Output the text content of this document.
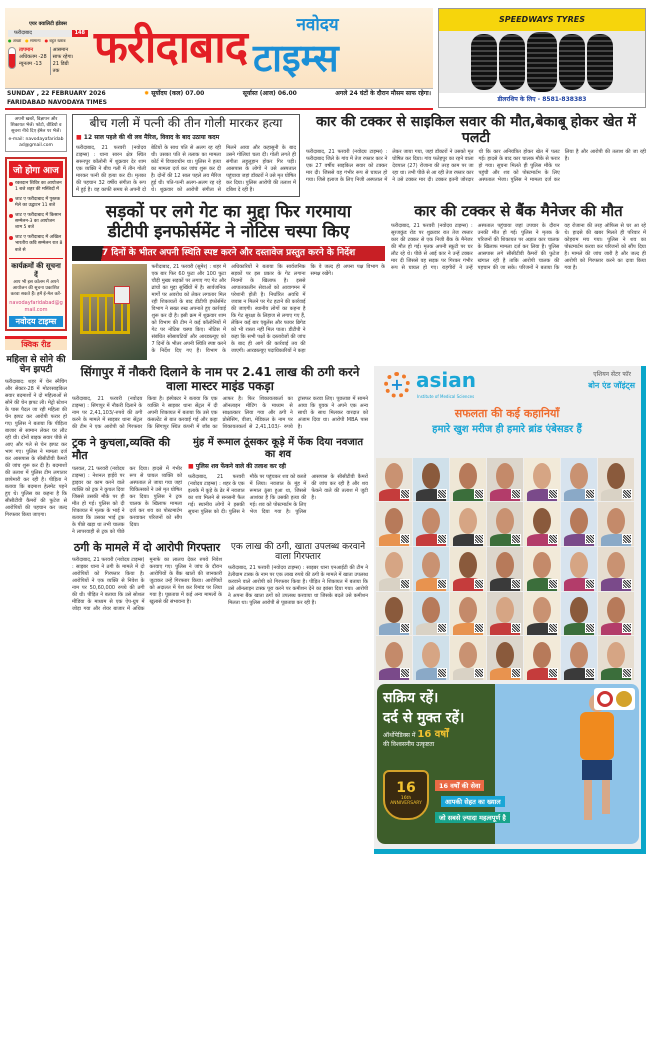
एयर क्वालिटी इंडेक्स
फरीदाबाद	148
● अच्छा ● सामान्य ● बहुत खराब
तापमान
अधिकतम -28
न्यूनतम -13
आसमान साफ रहेगा। 21 डिग्री तक फरीदाबाद	नवोदय
टाइम्स
SUNDAY , 22 FEBRUARY 2026	✹ सूर्योदय (कल) 07.00	सूर्यास्त (आज) 06.00	अगले 24 घंटों के दौरान मौसम साफ रहेगा।
FARIDABAD NAVODAYA TIMES
SPEEDWAYS TYRES
डीलरशिप के लिए - 8581-838383
अपनी खबरें, विज्ञापन और शिकायत भेजें। फोटो, वीडियो व सूचना नीचे दिए ईमेल पर भेजें।
e-mail: navodayafaridabad@gmail.com
जो होगा आज
रक्तदान शिविर का आयोजन 1 बजे शहर की मस्जिदों में
जाट ए फरीदाबाद में पुस्तक मेले का उद्घाटन 11 बजे
जाट ए फरीदाबाद में किसान सम्मेलन-3 का आयोजन शाम 5 बजे
जाट ए फरीदाबाद में अखिल भारतीय कवि सम्मेलन रात 8 बजे से
कार्यक्रमों की सूचना दें
आप भी इस कॉलम में अपने आयोजन की सूचना प्रकाशित करवा सकते हैं। हमें ई-मेल करें-
navodayfaridabad@gmail.com
नवोदय टाइम्स
क्विक रीड
महिला से सोने की चेन झपटी
फरीदाबाद: शहर में चेन स्नैचिंग और सेक्टर-28 में मोटरसाइकिल सवार बदमाशों ने दो महिलाओं से सोने की चेन झपट ली। मेट्रो स्टेशन के पास पैदल जा रही महिला की चेन झपट कर आरोपी फरार हो गए। पुलिस ने बताया कि पीड़िता बाजार से सामान लेकर घर लौट रही थी। दोनों बाइक सवार पीछे से आए और गले से चेन झपट कर भाग गए। पुलिस ने मामला दर्ज कर आसपास के सीसीटीवी कैमरों की जांच शुरू कर दी है। बदमाशों की तलाश में पुलिस टीम लगातार छापेमारी कर रही है। पीड़िता ने बताया कि बदमाश हेलमेट पहने हुए थे। पुलिस का कहना है कि सीसीटीवी कैमरों की फुटेज से आरोपियों की पहचान कर जल्द गिरफ्तार किया जाएगा।
बीच गली में पत्नी की तीन गोली मारकर हत्या
■ 12 साल पहले की थी लव मैरिज, विवाद के बाद उठाया कदम
फरीदाबाद, 21 फरवरी (नवोदय टाइम्स) : थाना सारन क्षेत्र स्थित सरूरपुर कॉलोनी में शुक्रवार देर शाम एक व्यक्ति ने बीच गली में तीन गोली मारकर पत्नी की हत्या कर दी। मृतका की पहचान 32 वर्षीय संगीता के रूप में हुई है। वह काफी समय से अपनी दो बेटियों के साथ पति से अलग रह रही थी। उसका पति से तलाक का मामला कोर्ट में विचाराधीन था। पुलिस ने हत्या का मामला दर्ज कर जांच शुरू कर दी है। दोनों की 12 साल पहले लव मैरिज हुई थी। पति-पत्नी अलग-अलग रह रहे थे। शुक्रवार को आरोपी संगीता से मिलने आया और कहासुनी के बाद उसने गोलियां चला दीं। गोली लगते ही संगीता लहूलुहान होकर गिर पड़ी। आसपास के लोगों ने उसे अस्पताल पहुंचाया जहां डॉक्टरों ने उसे मृत घोषित कर दिया। पुलिस आरोपी की तलाश में दबिश दे रही है।
कार की टक्कर से साइकिल सवार की मौत,बेकाबू होकर खेत में पलटी
फरीदाबाद, 21 फरवरी (नवोदय टाइम्स) : फरीदाबाद जिले के गांव में तेज रफ्तार कार ने एक 27 वर्षीय साइकिल सवार को टक्कर मार दी। जिससे वह गंभीर रूप से घायल हो गया। जिसे इलाज के लिए निजी अस्पताल में लेकर जाया गया, जहां डॉक्टरों ने उसको मृत घोषित कर दिया। गांव फतेहपुर का रहने वाला देवपाल (27) रोजाना की तरह काम पर जा रहा था। तभी पीछे से आ रही तेज रफ्तार कार ने उसे टक्कर मार दी। टक्कर इतनी जोरदार थी कि कार अनियंत्रित होकर खेत में पलट गई। हादसे के बाद कार चालक मौके से फरार हो गया। सूचना मिलते ही पुलिस मौके पर पहुंची और शव को पोस्टमार्टम के लिए अस्पताल भेजा। पुलिस ने मामला दर्ज कर लिया है और आरोपी की तलाश की जा रही है।
सड़कों पर लगे गेट का मुद्दा फिर गरमाया
डीटीपी इनफोर्समेंट ने नोटिस चस्पा किए
7 दिनों के भीतर अपनी स्थिति स्पष्ट करने और दस्तावेज प्रस्तुत करने के निर्देश
फरीदाबाद, 21 फरवरी (सुमेर) : शहर में एक बार फिर 60 फुटा और 100 फुटा चौड़ी मुख्य सड़कों पर लगाए गए गेट और ढांचों का मुद्दा सुर्खियों में है। सार्वजनिक मार्गों पर अवरोध को लेकर लगातार मिल रही शिकायतों के बाद डीटीपी इंफोर्समेंट विभाग ने सख्त रुख अपनाते हुए कार्रवाई शुरू कर दी है। इसी क्रम में शुक्रवार शाम को विभाग की टीम ने कई कॉलोनियों में गेट पर नोटिस चस्पा किए। नोटिस में संबंधित सोसायटियों और आरडब्ल्यूए को 7 दिनों के भीतर अपनी स्थिति स्पष्ट करने के निर्देश दिए गए हैं। विभाग के अधिकारियों ने बताया कि सार्वजनिक सड़कों पर इस प्रकार के गेट लगाना नियमों के खिलाफ है। इससे आपातकालीन सेवाओं को आवागमन में परेशानी होती है। निर्धारित अवधि में जवाब न मिलने पर गेट हटाने की कार्रवाई की जाएगी। स्थानीय लोगों का कहना है कि गेट सुरक्षा के लिहाज से लगाए गए हैं, लेकिन कई बार एंबुलेंस और फायर ब्रिगेड को भी रास्ता नहीं मिल पाता। डीटीपी ने कहा कि सभी पक्षों के दस्तावेजों की जांच के बाद ही आगे की कार्रवाई तय की जाएगी। आरडब्ल्यूए पदाधिकारियों ने कहा कि वे जल्द ही अपना पक्ष विभाग के समक्ष रखेंगे।
कार की टक्कर से बैंक मैनेजर की मौत
फरीदाबाद, 21 फरवरी (नवोदय टाइम्स) : सूरजकुंड रोड पर शुक्रवार रात तेज रफ्तार कार की टक्कर से एक निजी बैंक के मैनेजर की मौत हो गई। मृतक अपनी स्कूटी पर घर लौट रहे थे। पीछे से आई कार ने उन्हें टक्कर मार दी जिससे वह सड़क पर गिरकर गंभीर रूप से घायल हो गए। राहगीरों ने उन्हें अस्पताल पहुंचाया जहां उपचार के दौरान उनकी मौत हो गई। पुलिस ने मृतक के परिजनों की शिकायत पर अज्ञात कार चालक के खिलाफ मामला दर्ज कर लिया है। पुलिस आसपास लगे सीसीटीवी कैमरों की फुटेज खंगाल रही है ताकि आरोपी चालक की पहचान की जा सके। परिजनों ने बताया कि वह रोजाना की तरह ऑफिस से घर आ रहे थे। हादसे की खबर मिलते ही परिवार में कोहराम मच गया। पुलिस ने शव का पोस्टमार्टम करवा कर परिजनों को सौंप दिया है। मामले की जांच जारी है और जल्द ही आरोपी को गिरफ्तार करने का दावा किया गया है।
सिंगापुर में नौकरी दिलाने के नाम पर 2.41 लाख की ठगी करने वाला मास्टर माइंड पकड़ा
फरीदाबाद, 21 फरवरी (नवोदय टाइम्स) : सिंगापुर में नौकरी दिलाने के नाम पर 2,41,103/-रुपये की ठगी करने के मामले में साइबर थाना सेंट्रल की टीम ने एक आरोपी को गिरफ्तार किया है। इंस्पेक्टर ने बताया कि एक व्यक्ति ने साइबर थाना सेंट्रल में दी अपनी शिकायत में बताया कि उसे एक कंसल्टेंट से बात करवाई गई और कहा कि सिंगापुर स्थित कंपनी में जॉब का आफर है। फिर शिकायतकर्ता का ऑनलाइन मीटिंग के माध्यम से साक्षात्कार लिया गया और ठगी ने प्रोसेसिंग, वीजा, मेडिकल के नाम पर शिकायतकर्ता से 2,41,103/- रुपये ट्रांसफर करवा लिए। पूछताछ में सामने आया कि युवक ने अपने एक अन्य साथी के साथ मिलकर वारदात को अंजाम दिया था। आरोपी MBA पास है।
ट्रक ने कुचला,व्यक्ति की मौत
पलवल, 21 फरवरी (नवोदय टाइम्स) : नेशनल हाईवे पर ड्राइवर का काम करने वाले व्यक्ति को ट्रक ने कुचल दिया जिससे उसकी मौके पर ही मौत हो गई। पुलिस को दी शिकायत में मृतक के भाई ने बताया कि उसका भाई ट्रक के पीछे खड़ा था तभी चालक ने लापरवाही से ट्रक को पीछे कर दिया। हादसे में गंभीर रूप से घायल व्यक्ति को अस्पताल ले जाया गया जहां चिकित्सकों ने उसे मृत घोषित कर दिया। पुलिस ने ट्रक चालक के खिलाफ मामला दर्ज कर शव का पोस्टमार्टम करवाकर परिजनों को सौंप दिया।
मुंह में रूमाल ठूंसकर कूड़े में फेंक दिया नवजात का शव
■ पुलिस शव फेंकने वाले की तलाश कर रही
फरीदाबाद, 21 फरवरी (नवोदय टाइम्स) : शहर के एक इलाके में कूड़े के ढेर में नवजात का शव मिलने से सनसनी फैल गई। स्थानीय लोगों ने इसकी सूचना पुलिस को दी। पुलिस ने मौके पर पहुंचकर शव को कब्जे में लिया। नवजात के मुंह में रूमाल ठूंसा हुआ था, जिससे आशंका है कि उसकी हत्या की गई। शव को पोस्टमार्टम के लिए भेज दिया गया है। पुलिस आसपास के सीसीटीवी कैमरों की जांच कर रही है और शव फेंकने वाले की तलाश में जुटी है।
ठगी के मामले में दो आरोपी गिरफ्तार
फरीदाबाद, 21 फरवरी (नवोदय टाइम्स) : साइबर थाना ने ठगी के मामले में दो आरोपियों को गिरफ्तार किया है। आरोपियों ने एक व्यक्ति से निवेश के नाम पर 50,60,000 रुपये की ठगी की थी। पीड़ित ने बताया कि उसे सोशल मीडिया के माध्यम से एक ऐप-ग्रुप में जोड़ा गया और शेयर बाजार में अधिक मुनाफे का लालच देकर रुपये निवेश करवाए गए। पुलिस ने जांच के दौरान आरोपियों के बैंक खातों की जानकारी जुटाकर उन्हें गिरफ्तार किया। आरोपियों को अदालत में पेश कर रिमांड पर लिया गया है। पूछताछ में कई अन्य मामलों के खुलासे की संभावना है।
एक लाख की ठगी, खाता उपलब्ध करवाने वाला गिरफ्तार
फरीदाबाद, 21 फरवरी (नवोदय टाइम्स) : साइबर थाना एनआईटी की टीम ने टेलीग्राम टास्क के नाम पर एक लाख रुपये की ठगी के मामले में खाता उपलब्ध करवाने वाले आरोपी को गिरफ्तार किया है। पीड़ित ने शिकायत में बताया कि उसे ऑनलाइन टास्क पूरा करने पर कमीशन देने का झांसा दिया गया। आरोपी ने अपना बैंक खाता ठगों को उपलब्ध करवाया था जिसके बदले उसे कमीशन मिलता था। पुलिस आरोपी से पूछताछ कर रही है।
+ asian
Institute of Medical Sciences
एशियन सेंटर फॉर
बोन एंड जॉइंट्स
सफलता की कई कहानियाँ
हमारे खुश मरीज ही हमारे ब्रांड एंबेसडर हैं
सक्रिय रहें।
दर्द से मुक्त रहें।
ऑर्थोपेडिक्स में 16 वर्षों
की विश्वसनीय उत्कृष्टता
16
16th ANNIVERSARY
16 वर्षों की सेवा
आपकी सेहत का ख्याल
जो सबसे ज़्यादा महत्वपूर्ण है
